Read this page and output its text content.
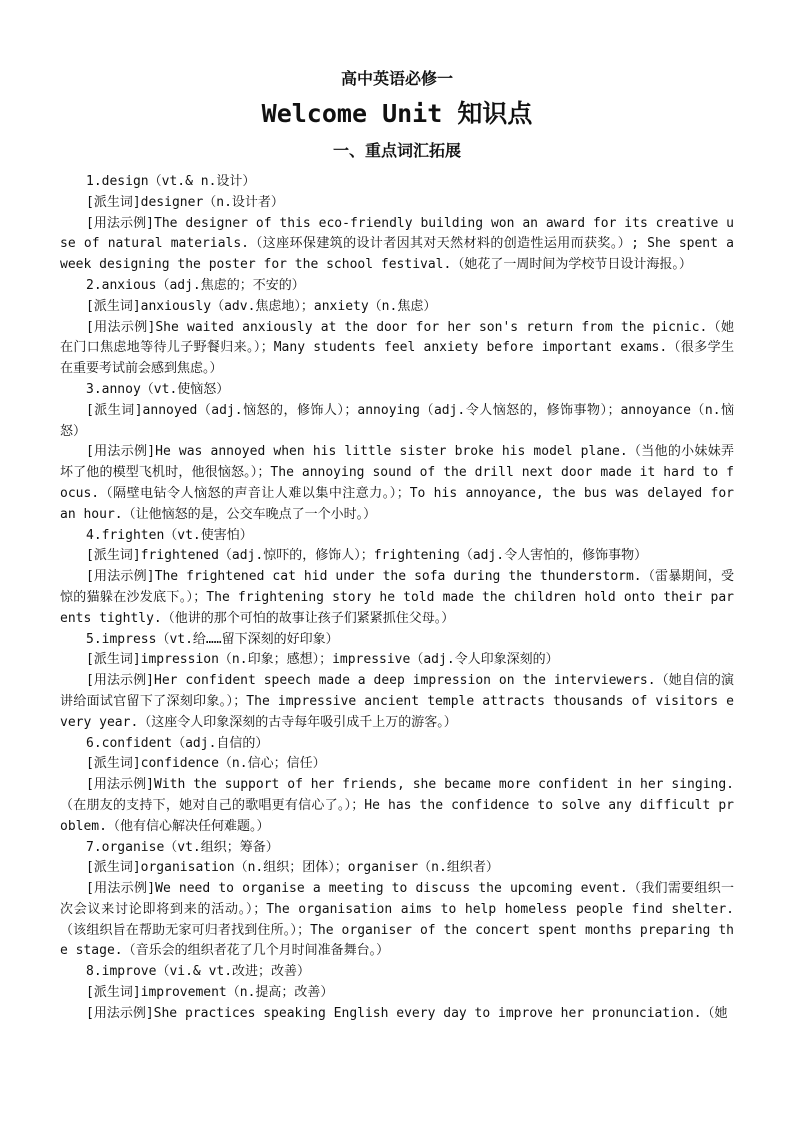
高中英语必修一
Welcome Unit 知识点
一、重点词汇拓展

1.design（vt.& n.设计）

[派生词]designer（n.设计者）

[用法示例]The designer of this eco-friendly building won an award for its creative use of natural materials.（这座环保建筑的设计者因其对天然材料的创造性运用而获奖。）; She spent a week designing the poster for the school festival.（她花了一周时间为学校节日设计海报。）

2.anxious（adj.焦虑的；不安的）

[派生词]anxiously（adv.焦虑地）；anxiety（n.焦虑）

[用法示例]She waited anxiously at the door for her son's return from the picnic.（她在门口焦虑地等待儿子野餐归来。）；Many students feel anxiety before important exams.（很多学生在重要考试前会感到焦虑。）

3.annoy（vt.使恼怒）

[派生词]annoyed（adj.恼怒的，修饰人）；annoying（adj.令人恼怒的，修饰事物）；annoyance（n.恼怒）

[用法示例]He was annoyed when his little sister broke his model plane.（当他的小妹妹弄坏了他的模型飞机时，他很恼怒。）；The annoying sound of the drill next door made it hard to focus.（隔壁电钻令人恼怒的声音让人难以集中注意力。）；To his annoyance, the bus was delayed for an hour.（让他恼怒的是，公交车晚点了一个小时。）

4.frighten（vt.使害怕）

[派生词]frightened（adj.惊吓的，修饰人）；frightening（adj.令人害怕的，修饰事物）

[用法示例]The frightened cat hid under the sofa during the thunderstorm.（雷暴期间，受惊的猫躲在沙发底下。）；The frightening story he told made the children hold onto their parents tightly.（他讲的那个可怕的故事让孩子们紧紧抓住父母。）

5.impress（vt.给……留下深刻的好印象）

[派生词]impression（n.印象；感想）；impressive（adj.令人印象深刻的）

[用法示例]Her confident speech made a deep impression on the interviewers.（她自信的演讲给面试官留下了深刻印象。）；The impressive ancient temple attracts thousands of visitors every year.（这座令人印象深刻的古寺每年吸引成千上万的游客。）

6.confident（adj.自信的）

[派生词]confidence（n.信心；信任）

[用法示例]With the support of her friends, she became more confident in her singing.（在朋友的支持下，她对自己的歌唱更有信心了。）；He has the confidence to solve any difficult problem.（他有信心解决任何难题。）

7.organise（vt.组织；筹备）

[派生词]organisation（n.组织；团体）；organiser（n.组织者）

[用法示例]We need to organise a meeting to discuss the upcoming event.（我们需要组织一次会议来讨论即将到来的活动。）；The organisation aims to help homeless people find shelter.（该组织旨在帮助无家可归者找到住所。）；The organiser of the concert spent months preparing the stage.（音乐会的组织者花了几个月时间准备舞台。）

8.improve（vi.& vt.改进；改善）

[派生词]improvement（n.提高；改善）

[用法示例]She practices speaking English every day to improve her pronunciation.（她
